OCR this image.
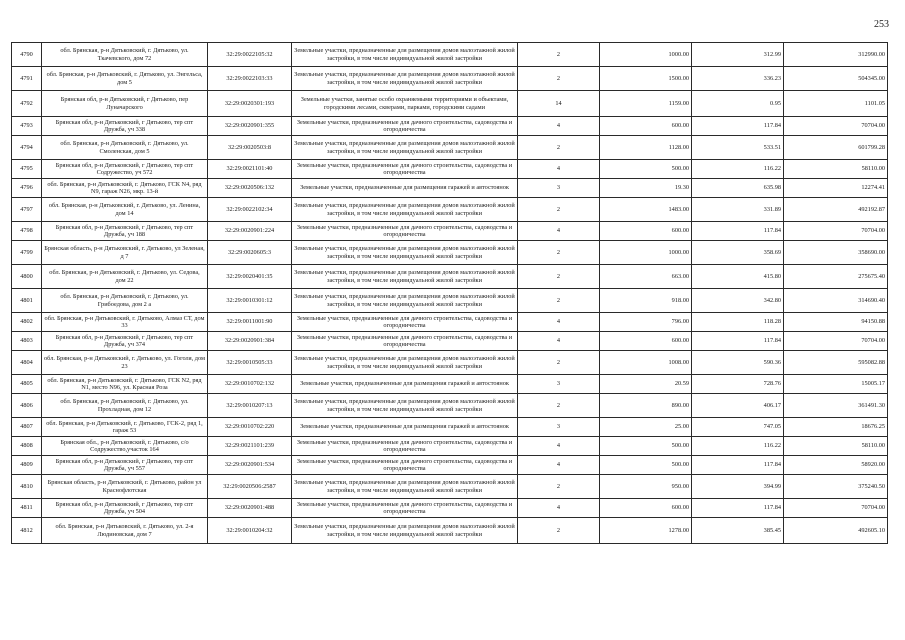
253
4790	обл. Брянская, р-н Дятьковский, г. Дятьково, ул. Ткачевского, дом 72	32:29:0022105:32	Земельные участки, предназначенные для размещения домов малоэтажной жилой застройки, в том числе индивидуальной жилой застройки	2	1000.00	312.99	312990.00
4791	обл. Брянская, р-н Дятьковский, г. Дятьково, ул. Энгельса, дом 5	32:29:0022103:33	Земельные участки, предназначенные для размещения домов малоэтажной жилой застройки, в том числе индивидуальной жилой застройки	2	1500.00	336.23	504345.00
4792	Брянская обл, р-н Дятьковский, г Дятьково, пер Луначарского	32:29:0020301:193	Земельные участки, занятые особо охраняемыми территориями и объектами, городскими лесами, скверами, парками, городскими садами	14	1159.00	0.95	1101.05
4793	Брянская обл, р-н Дятьковский, г Дятьково, тер спт Дружба, уч 338	32:29:0020901:355	Земельные участки, предназначенные для дачного строительства, садоводства и огородничества	4	600.00	117.84	70704.00
4794	обл. Брянская, р-н Дятьковский, г. Дятьково, ул. Смоленская, дом 5	32:29:0020503:8	Земельные участки, предназначенные для размещения домов малоэтажной жилой застройки, в том числе индивидуальной жилой застройки	2	1128.00	533.51	601799.28
4795	Брянская обл, р-н Дятьковский, г Дятьково, тер спт Содружество, уч 572	32:29:0021101:40	Земельные участки, предназначенные для дачного строительства, садоводства и огородничества	4	500.00	116.22	58110.00
4796	обл. Брянская, р-н Дятьковский, г. Дятьково, ГСК N4, ряд N9, гараж N26, мкр. 13-й	32:29:0020506:132	Земельные участки, предназначенные для размещения гаражей и автостоянок	3	19.30	635.98	12274.41
4797	обл. Брянская, р-н Дятьковский, г. Дятьково, ул. Ленина, дом 14	32:29:0022102:34	Земельные участки, предназначенные для размещения домов малоэтажной жилой застройки, в том числе индивидуальной жилой застройки	2	1483.00	331.89	492192.87
4798	Брянская обл, р-н Дятьковский, г Дятьково, тер спт Дружба, уч 188	32:29:0020901:224	Земельные участки, предназначенные для дачного строительства, садоводства и огородничества	4	600.00	117.84	70704.00
4799	Брянская область, р-н Дятьковский, г. Дятьково, ул Зеленая, д 7	32:29:0020605:3	Земельные участки, предназначенные для размещения домов малоэтажной жилой застройки, в том числе индивидуальной жилой застройки	2	1000.00	358.69	358690.00
4800	обл. Брянская, р-н Дятьковский, г. Дятьково, ул. Седова, дом 22	32:29:0020401:35	Земельные участки, предназначенные для размещения домов малоэтажной жилой застройки, в том числе индивидуальной жилой застройки	2	663.00	415.80	275675.40
4801	обл. Брянская, р-н Дятьковский, г. Дятьково, ул. Грибоедова, дом 2 а	32:29:0010301:12	Земельные участки, предназначенные для размещения домов малоэтажной жилой застройки, в том числе индивидуальной жилой застройки	2	918.00	342.80	314690.40
4802	обл. Брянская, р-н Дятьковский, г. Дятьково, Алмаз СТ, дом 33	32:29:0011001:90	Земельные участки, предназначенные для дачного строительства, садоводства и огородничества	4	796.00	118.28	94150.88
4803	Брянская обл, р-н Дятьковский, г Дятьково, тер спт Дружба, уч 374	32:29:0020901:384	Земельные участки, предназначенные для дачного строительства, садоводства и огородничества	4	600.00	117.84	70704.00
4804	обл. Брянская, р-н Дятьковский, г. Дятьково, ул. Гоголя, дом 23	32:29:0010505:33	Земельные участки, предназначенные для размещения домов малоэтажной жилой застройки, в том числе индивидуальной жилой застройки	2	1008.00	590.36	595082.88
4805	обл. Брянская, р-н Дятьковский, г. Дятьково, ГСК N2, ряд N1, место N96, ул. Красная Роза	32:29:0010702:132	Земельные участки, предназначенные для размещения гаражей и автостоянок	3	20.59	728.76	15005.17
4806	обл. Брянская, р-н Дятьковский, г. Дятьково, ул. Прохладная, дом 12	32:29:0010207:13	Земельные участки, предназначенные для размещения домов малоэтажной жилой застройки, в том числе индивидуальной жилой застройки	2	890.00	406.17	361491.30
4807	обл. Брянская, р-н Дятьковский, г. Дятьково, ГСК-2, ряд 1, гараж 53	32:29:0010702:220	Земельные участки, предназначенные для размещения гаражей и автостоянок	3	25.00	747.05	18676.25
4808	Брянская обл., р-н Дятьковский, г. Дятьково, с/о Содружество,участок 164	32:29:0021101:239	Земельные участки, предназначенные для дачного строительства, садоводства и огородничества	4	500.00	116.22	58110.00
4809	Брянская обл, р-н Дятьковский, г Дятьково, тер спт Дружба, уч 557	32:29:0020901:534	Земельные участки, предназначенные для дачного строительства, садоводства и огородничества	4	500.00	117.84	58920.00
4810	Брянская область, р-н Дятьковский, г. Дятьково, район ул Краснофлотская	32:29:0020506:2587	Земельные участки, предназначенные для размещения домов малоэтажной жилой застройки, в том числе индивидуальной жилой застройки	2	950.00	394.99	375240.50
4811	Брянская обл, р-н Дятьковский, г Дятьково, тер спт Дружба, уч 504	32:29:0020901:488	Земельные участки, предназначенные для дачного строительства, садоводства и огородничества	4	600.00	117.84	70704.00
4812	обл. Брянская, р-н Дятьковский, г. Дятьково, ул. 2-я Людиновская, дом 7	32:29:0010204:32	Земельные участки, предназначенные для размещения домов малоэтажной жилой застройки, в том числе индивидуальной жилой застройки	2	1278.00	385.45	492605.10
